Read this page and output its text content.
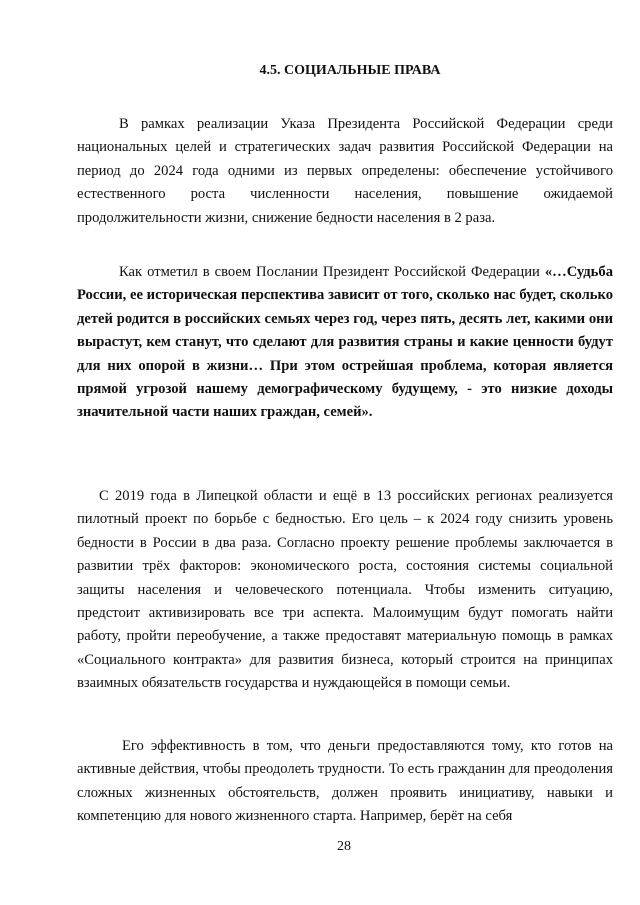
4.5. СОЦИАЛЬНЫЕ ПРАВА

В рамках реализации Указа Президента Российской Федерации среди национальных целей и стратегических задач развития Российской Федерации на период до 2024 года одними из первых определены: обеспечение устойчивого естественного роста численности населения, повышение ожидаемой продолжительности жизни, снижение бедности населения в 2 раза.

Как отметил в своем Послании Президент Российской Федерации «…Судьба России, ее историческая перспектива зависит от того, сколько нас будет, сколько детей родится в российских семьях через год, через пять, десять лет, какими они вырастут, кем станут, что сделают для развития страны и какие ценности будут для них опорой в жизни… При этом острейшая проблема, которая является прямой угрозой нашему демографическому будущему, - это низкие доходы значительной части наших граждан, семей».

С 2019 года в Липецкой области и ещё в 13 российских регионах реализуется пилотный проект по борьбе с бедностью. Его цель – к 2024 году снизить уровень бедности в России в два раза. Согласно проекту решение проблемы заключается в развитии трёх факторов: экономического роста, состояния системы социальной защиты населения и человеческого потенциала. Чтобы изменить ситуацию, предстоит активизировать все три аспекта. Малоимущим будут помогать найти работу, пройти переобучение, а также предоставят материальную помощь в рамках «Социального контракта» для развития бизнеса, который строится на принципах взаимных обязательств государства и нуждающейся в помощи семьи.

Его эффективность в том, что деньги предоставляются тому, кто готов на активные действия, чтобы преодолеть трудности. То есть гражданин для преодоления сложных жизненных обстоятельств, должен проявить инициативу, навыки и компетенцию для нового жизненного старта. Например, берёт на себя

28
